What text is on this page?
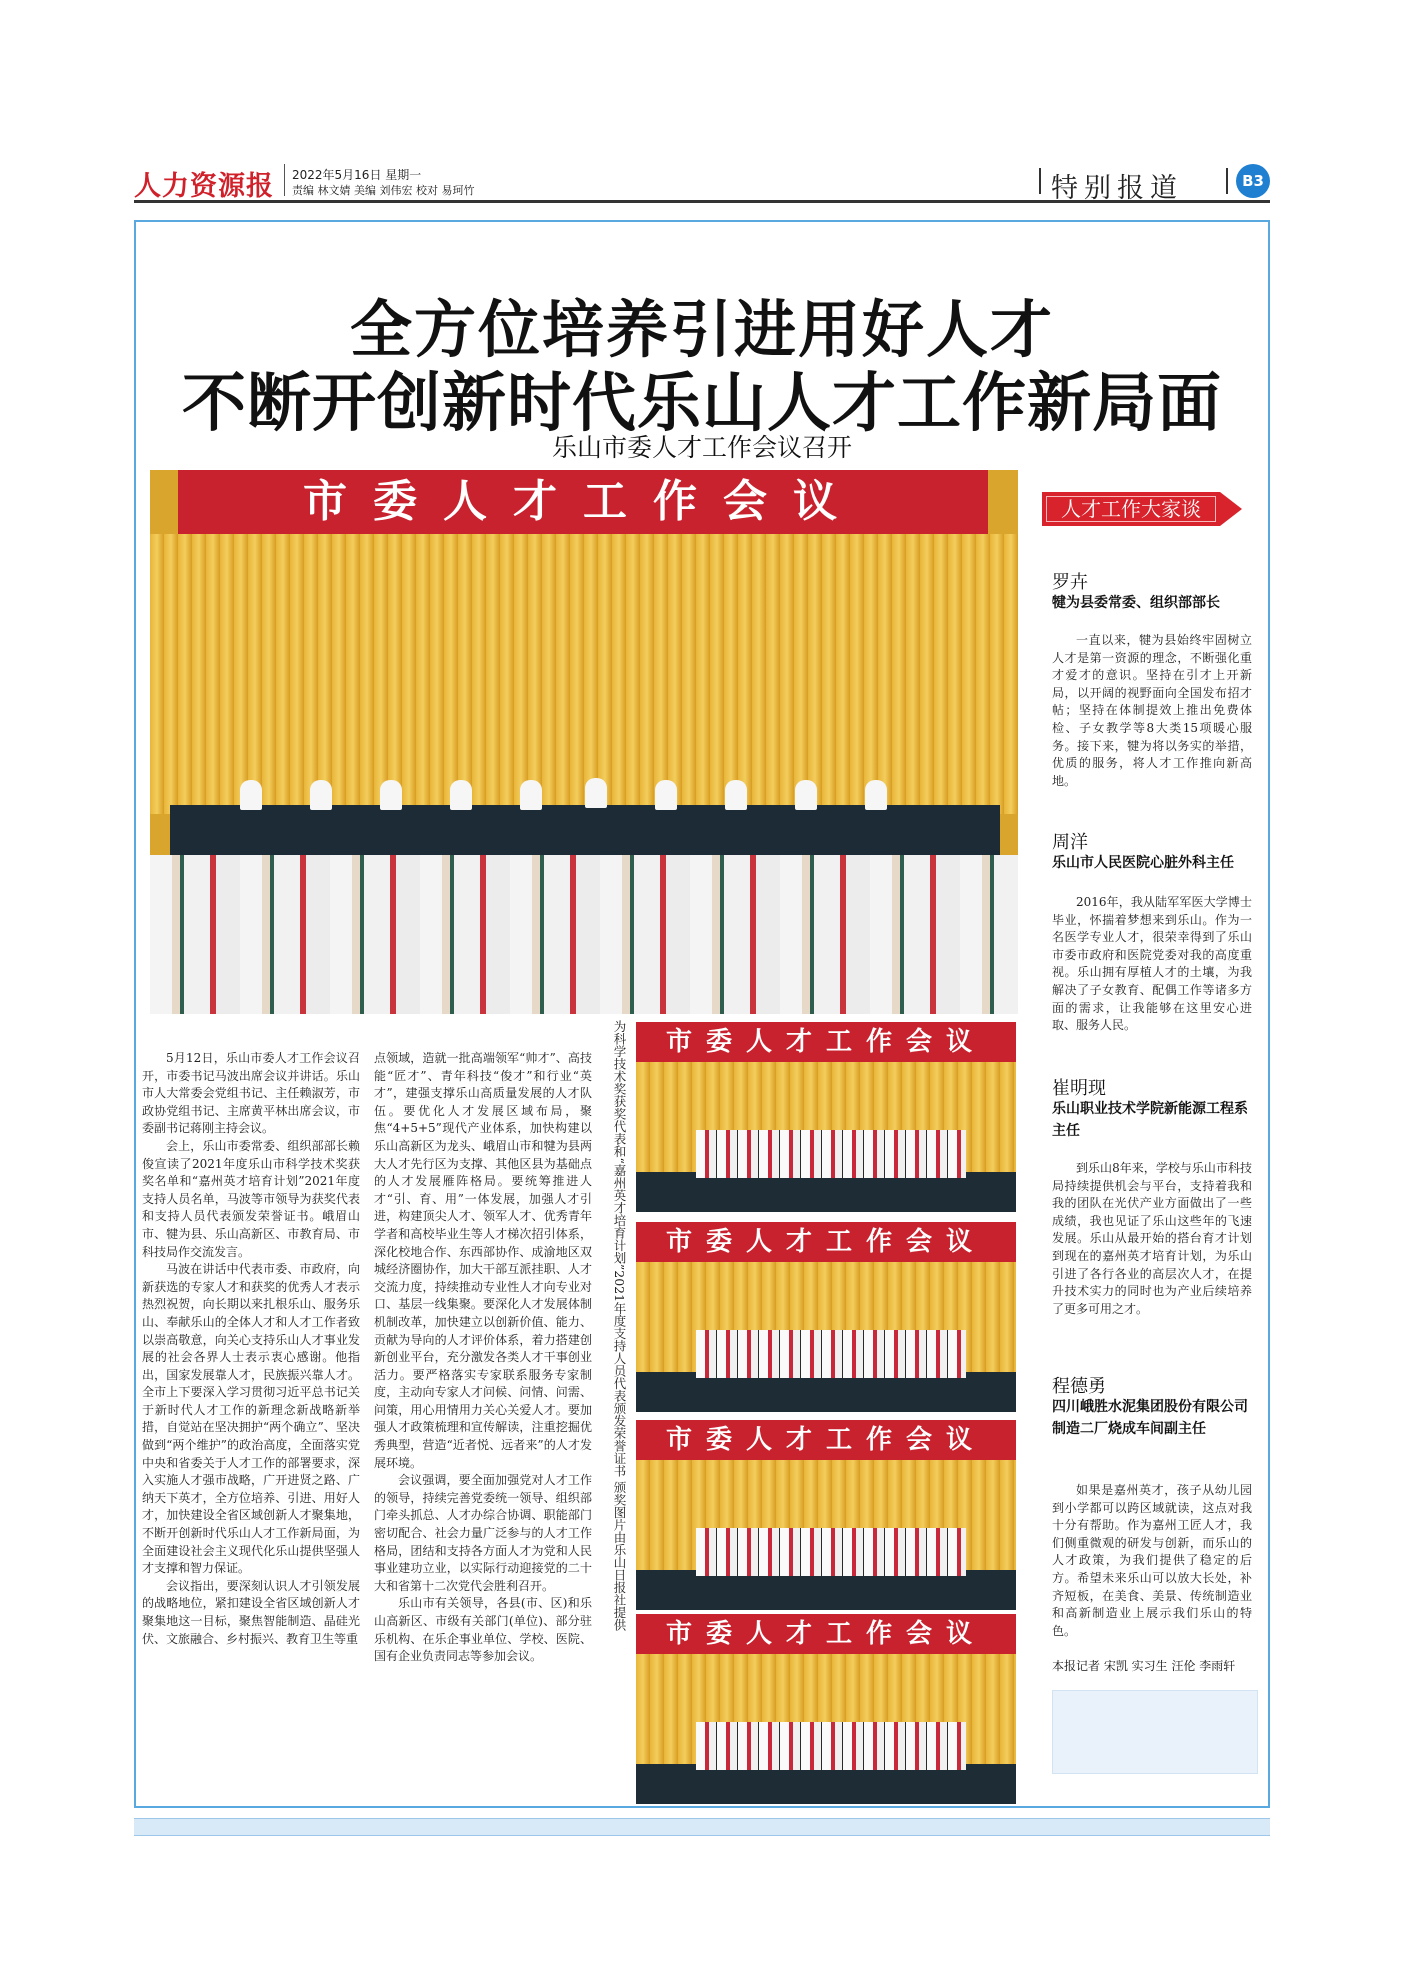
人力资源报 2022年5月16日 星期一
责编 林文婧 美编 刘伟宏 校对 易珂竹	特别报道	B3
全方位培养引进用好人才
不断开创新时代乐山人才工作新局面
乐山市委人才工作会议召开
市委人才工作会议

5月12日，乐山市委人才工作会议召开，市委书记马波出席会议并讲话。乐山市人大常委会党组书记、主任赖淑芳，市政协党组书记、主席黄平林出席会议，市委副书记蒋刚主持会议。

会上，乐山市委常委、组织部部长赖俊宣读了2021年度乐山市科学技术奖获奖名单和“嘉州英才培育计划”2021年度支持人员名单，马波等市领导为获奖代表和支持人员代表颁发荣誉证书。峨眉山市、犍为县、乐山高新区、市教育局、市科技局作交流发言。

马波在讲话中代表市委、市政府，向新获选的专家人才和获奖的优秀人才表示热烈祝贺，向长期以来扎根乐山、服务乐山、奉献乐山的全体人才和人才工作者致以崇高敬意，向关心支持乐山人才事业发展的社会各界人士表示衷心感谢。他指出，国家发展靠人才，民族振兴靠人才。全市上下要深入学习贯彻习近平总书记关于新时代人才工作的新理念新战略新举措，自觉站在坚决拥护“两个确立”、坚决做到“两个维护”的政治高度，全面落实党中央和省委关于人才工作的部署要求，深入实施人才强市战略，广开进贤之路、广纳天下英才，全方位培养、引进、用好人才，加快建设全省区域创新人才聚集地，不断开创新时代乐山人才工作新局面，为全面建设社会主义现代化乐山提供坚强人才支撑和智力保证。

会议指出，要深刻认识人才引领发展的战略地位，紧扣建设全省区域创新人才聚集地这一目标，聚焦智能制造、晶硅光伏、文旅融合、乡村振兴、教育卫生等重

点领域，造就一批高端领军“帅才”、高技能“匠才”、青年科技“俊才”和行业“英才”，建强支撑乐山高质量发展的人才队伍。要优化人才发展区域布局，聚焦“4+5+5”现代产业体系，加快构建以乐山高新区为龙头、峨眉山市和犍为县两大人才先行区为支撑、其他区县为基础点的人才发展雁阵格局。要统筹推进人才“引、育、用”一体发展，加强人才引进，构建顶尖人才、领军人才、优秀青年学者和高校毕业生等人才梯次招引体系，深化校地合作、东西部协作、成渝地区双城经济圈协作，加大干部互派挂职、人才交流力度，持续推动专业性人才向专业对口、基层一线集聚。要深化人才发展体制机制改革，加快建立以创新价值、能力、贡献为导向的人才评价体系，着力搭建创新创业平台，充分激发各类人才干事创业活力。要严格落实专家联系服务专家制度，主动向专家人才问候、问情、问需、问策，用心用情用力关心关爱人才。要加强人才政策梳理和宣传解读，注重挖掘优秀典型，营造“近者悦、远者来”的人才发展环境。

会议强调，要全面加强党对人才工作的领导，持续完善党委统一领导、组织部门牵头抓总、人才办综合协调、职能部门密切配合、社会力量广泛参与的人才工作格局，团结和支持各方面人才为党和人民事业建功立业，以实际行动迎接党的二十大和省第十二次党代会胜利召开。

乐山市有关领导，各县(市、区)和乐山高新区、市级有关部门(单位)、部分驻乐机构、在乐企事业单位、学校、医院、国有企业负责同志等参加会议。

为科学技术奖获奖代表和“嘉州英才培育计划”2021年度支持人员代表颁发荣誉证书 颁奖图片由乐山日报社提供	市委人才工作会议
市委人才工作会议
市委人才工作会议
市委人才工作会议
人才工作大家谈
罗卉
犍为县委常委、组织部部长
一直以来，犍为县始终牢固树立人才是第一资源的理念，不断强化重才爱才的意识。坚持在引才上开新局，以开阔的视野面向全国发布招才帖；坚持在体制提效上推出免费体检、子女教学等8大类15项暖心服务。接下来，犍为将以务实的举措，优质的服务，将人才工作推向新高地。
周洋
乐山市人民医院心脏外科主任
2016年，我从陆军军医大学博士毕业，怀揣着梦想来到乐山。作为一名医学专业人才，很荣幸得到了乐山市委市政府和医院党委对我的高度重视。乐山拥有厚植人才的土壤，为我解决了子女教育、配偶工作等诸多方面的需求，让我能够在这里安心进取、服务人民。
崔明现
乐山职业技术学院新能源工程系主任
到乐山8年来，学校与乐山市科技局持续提供机会与平台，支持着我和我的团队在光伏产业方面做出了一些成绩，我也见证了乐山这些年的飞速发展。乐山从最开始的搭台育才计划到现在的嘉州英才培育计划，为乐山引进了各行各业的高层次人才，在提升技术实力的同时也为产业后续培养了更多可用之才。
程德勇
四川峨胜水泥集团股份有限公司制造二厂烧成车间副主任
如果是嘉州英才，孩子从幼儿园到小学都可以跨区域就读，这点对我十分有帮助。作为嘉州工匠人才，我们侧重微观的研发与创新，而乐山的人才政策，为我们提供了稳定的后方。希望未来乐山可以放大长处，补齐短板，在美食、美景、传统制造业和高新制造业上展示我们乐山的特色。
本报记者 宋凯 实习生 汪伦 李雨轩
